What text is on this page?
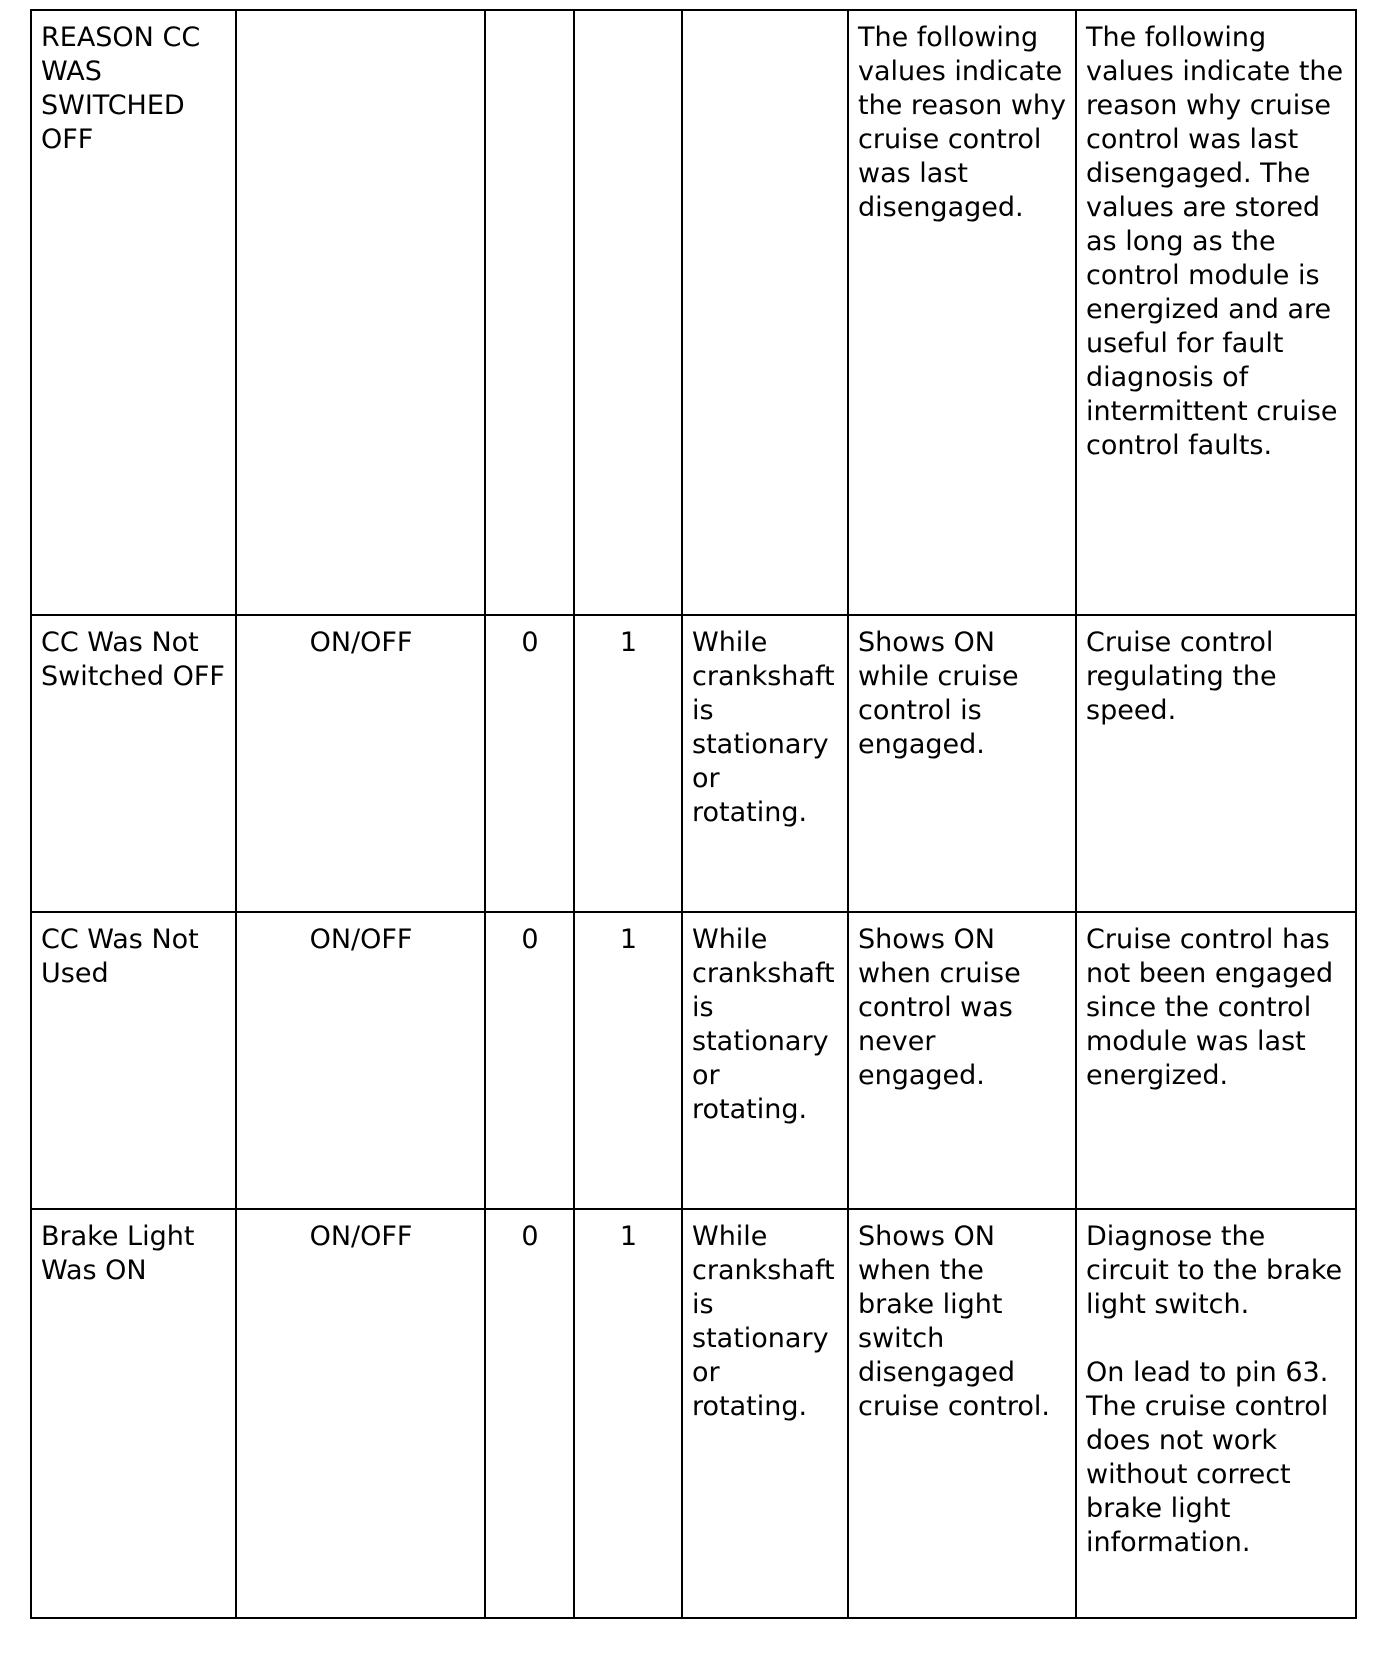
REASON CC WAS SWITCHED OFF					The following values indicate the reason why cruise control was last disengaged.	The following values indicate the reason why cruise control was last disengaged. The values are stored as long as the control module is energized and are useful for fault diagnosis of intermittent cruise control faults.

CC Was Not Switched OFF	ON/OFF	0	1	While crankshaft is stationary or rotating.	Shows ON while cruise control is engaged.	Cruise control regulating the speed.

CC Was Not Used	ON/OFF	0	1	While crankshaft is stationary or rotating.	Shows ON when cruise control was never engaged.	Cruise control has not been engaged since the control module was last energized.

Brake Light Was ON	ON/OFF	0	1	While crankshaft is stationary or rotating.	Shows ON when the brake light switch disengaged cruise control.	Diagnose the circuit to the brake light switch.
On lead to pin 63. The cruise control does not work without correct brake light information.
